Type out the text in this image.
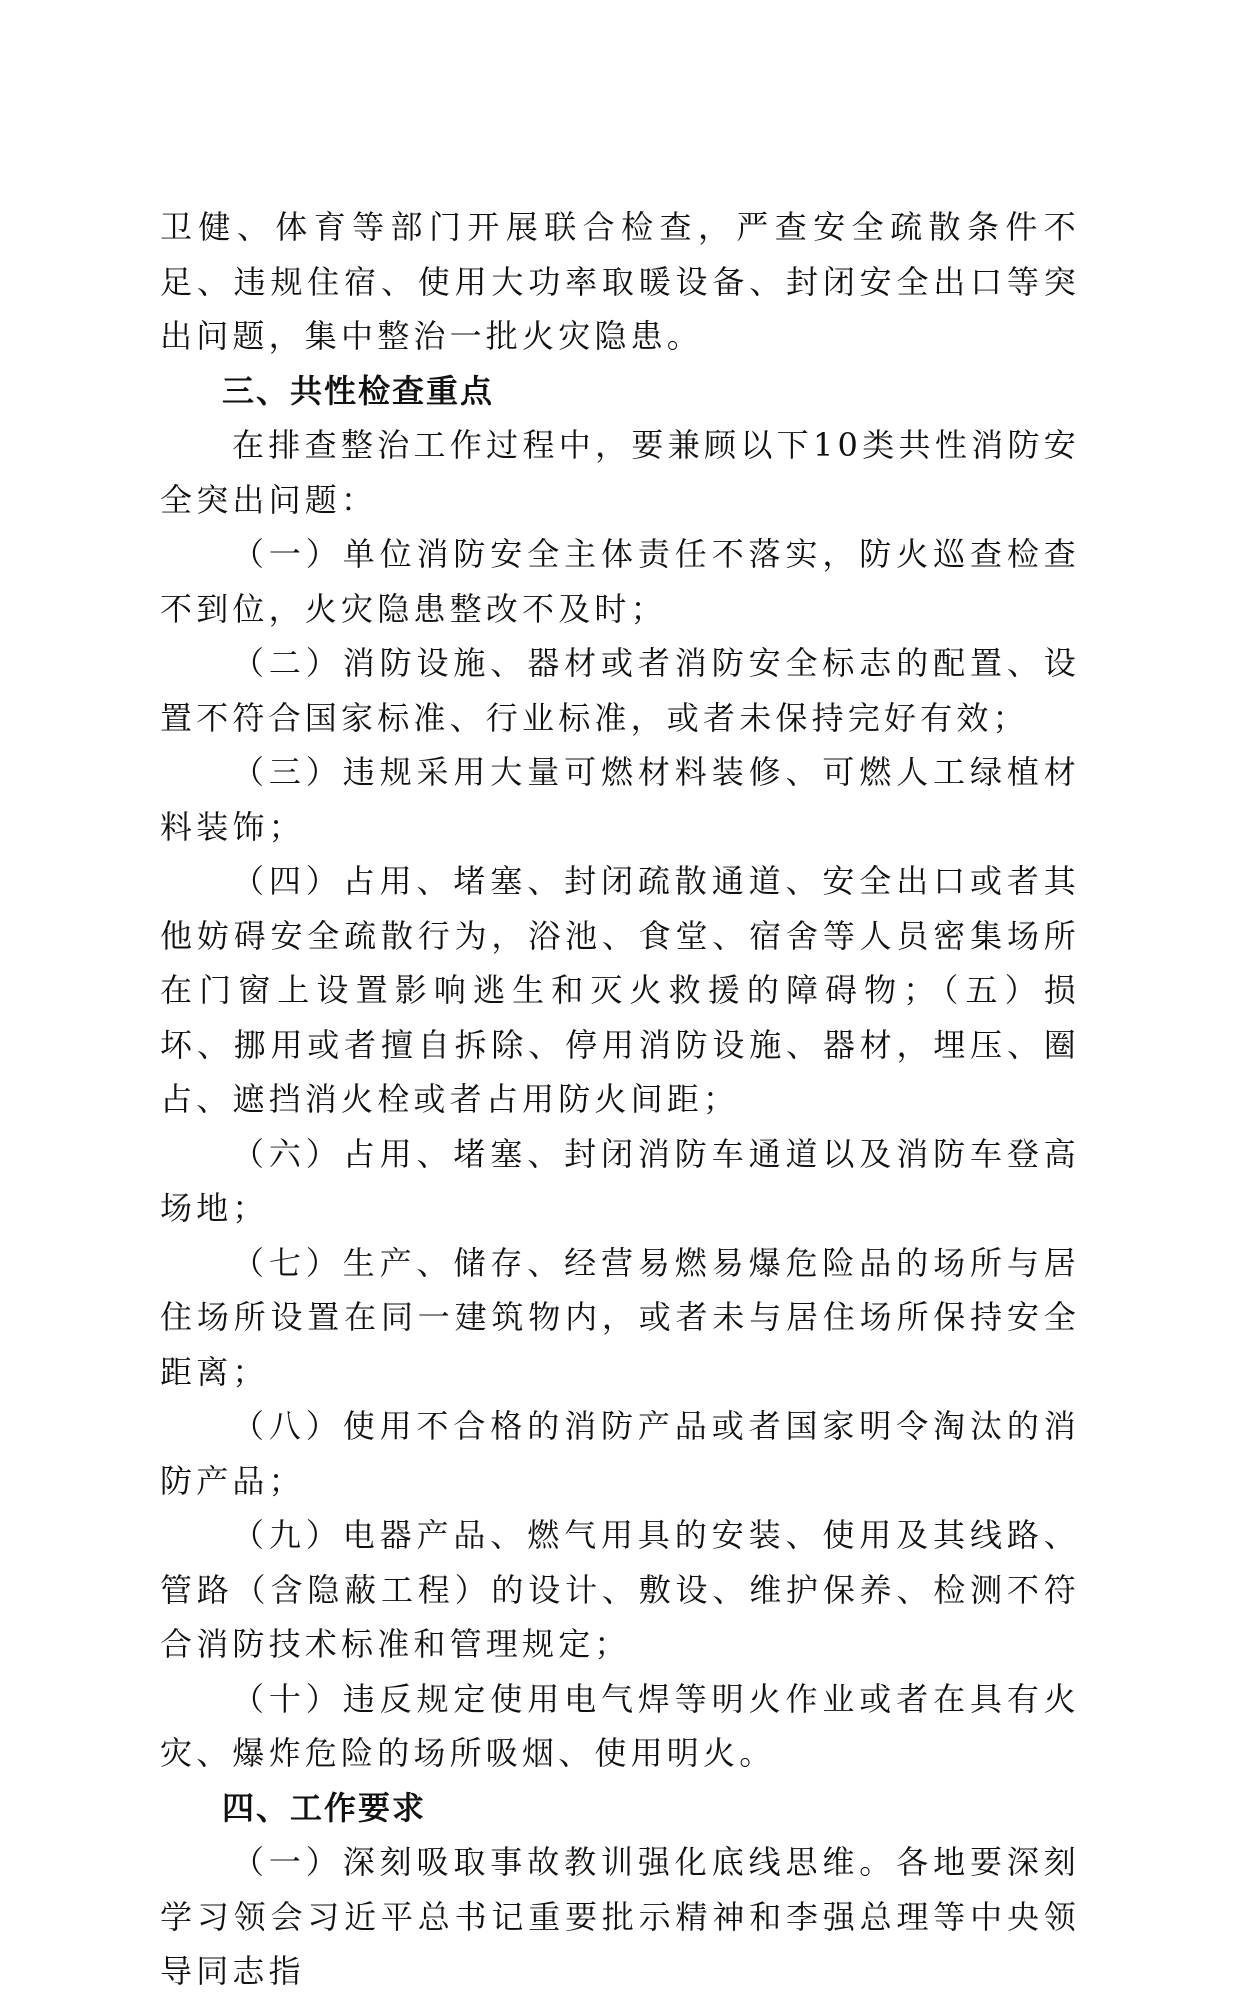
卫健、体育等部门开展联合检查，严查安全疏散条件不足、违规住宿、使用大功率取暖设备、封闭安全出口等突出问题，集中整治一批火灾隐患。

三、共性检查重点

在排查整治工作过程中，要兼顾以下10类共性消防安全突出问题：

（一）单位消防安全主体责任不落实，防火巡查检查不到位，火灾隐患整改不及时；

（二）消防设施、器材或者消防安全标志的配置、设置不符合国家标准、行业标准，或者未保持完好有效；

（三）违规采用大量可燃材料装修、可燃人工绿植材料装饰；

（四）占用、堵塞、封闭疏散通道、安全出口或者其他妨碍安全疏散行为，浴池、食堂、宿舍等人员密集场所在门窗上设置影响逃生和灭火救援的障碍物；（五）损坏、挪用或者擅自拆除、停用消防设施、器材，埋压、圈占、遮挡消火栓或者占用防火间距；

（六）占用、堵塞、封闭消防车通道以及消防车登高场地；

（七）生产、储存、经营易燃易爆危险品的场所与居住场所设置在同一建筑物内，或者未与居住场所保持安全距离；

（八）使用不合格的消防产品或者国家明令淘汰的消防产品；

（九）电器产品、燃气用具的安装、使用及其线路、管路（含隐蔽工程）的设计、敷设、维护保养、检测不符合消防技术标准和管理规定；

（十）违反规定使用电气焊等明火作业或者在具有火灾、爆炸危险的场所吸烟、使用明火。

四、工作要求

（一）深刻吸取事故教训强化底线思维。各地要深刻学习领会习近平总书记重要批示精神和李强总理等中央领导同志指
